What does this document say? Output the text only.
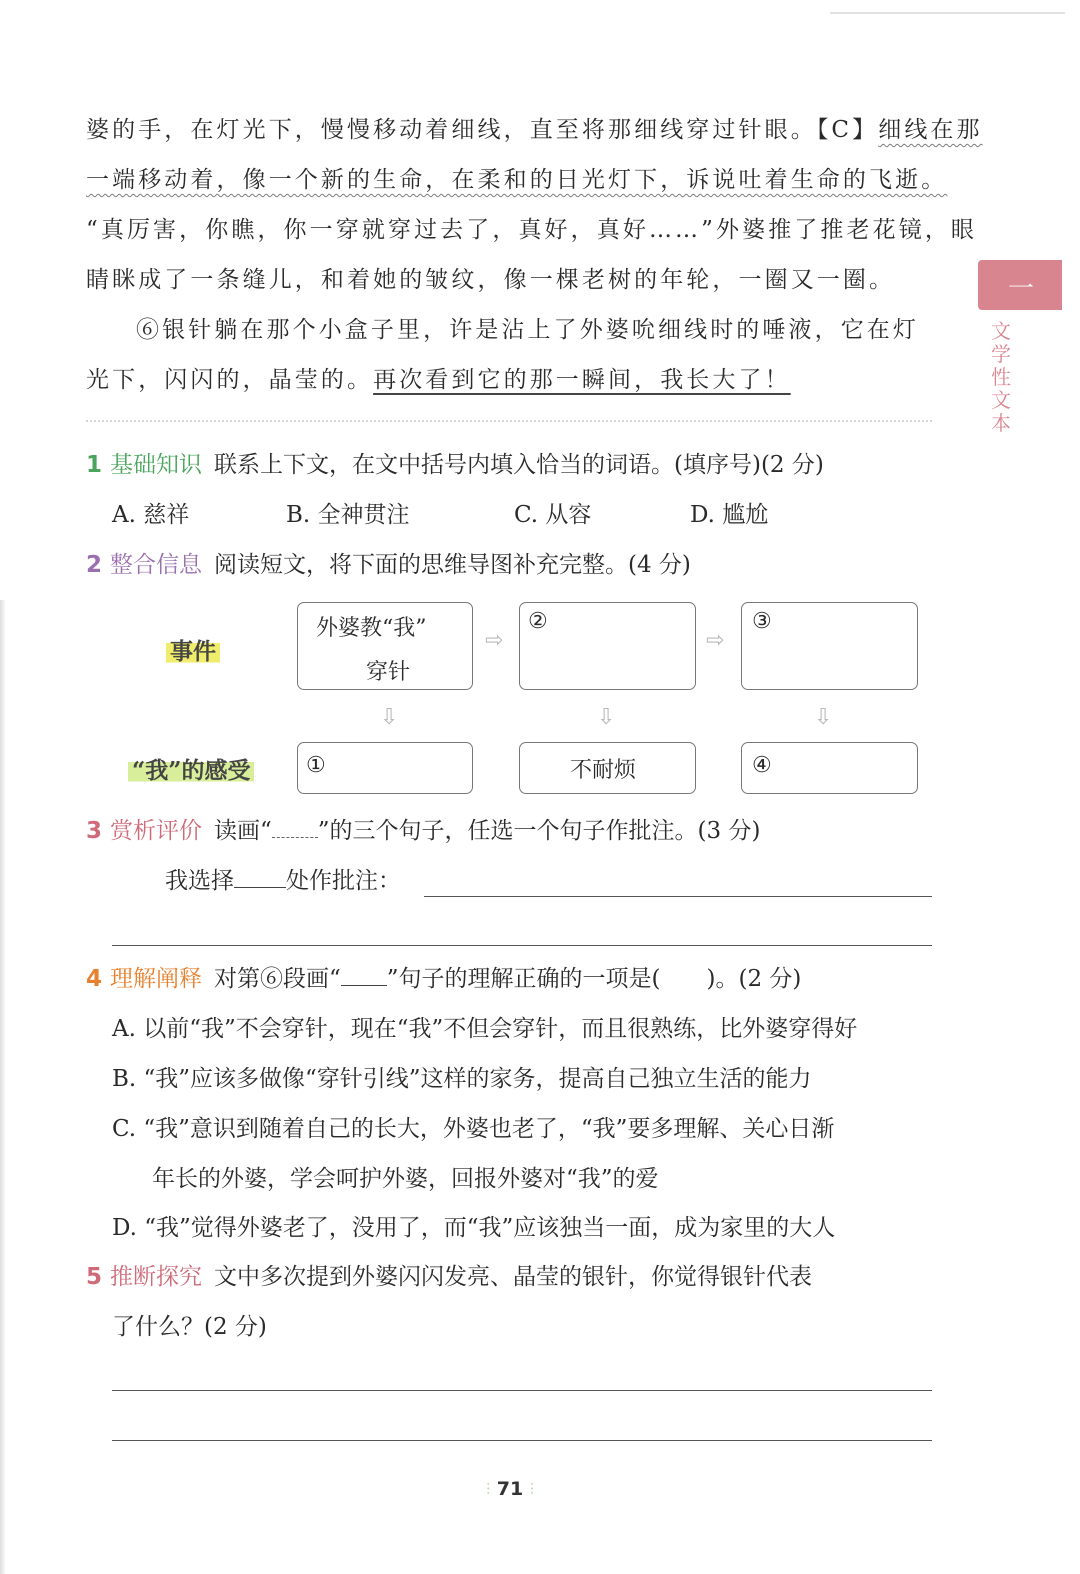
一
文学性文本
婆的手，在灯光下，慢慢移动着细线，直至将那细线穿过针眼。【C】细线在那
一端移动着，像一个新的生命，在柔和的日光灯下，诉说吐着生命的飞逝。
“真厉害，你瞧，你一穿就穿过去了，真好，真好……”外婆推了推老花镜，眼
睛眯成了一条缝儿，和着她的皱纹，像一棵老树的年轮，一圈又一圈。
⑥银针躺在那个小盒子里，许是沾上了外婆吮细线时的唾液，它在灯
光下，闪闪的，晶莹的。再次看到它的那一瞬间，我长大了！
1 基础知识 联系上下文，在文中括号内填入恰当的词语。(填序号)(2 分)
A. 慈祥	B. 全神贯注	C. 从容	D. 尴尬
2 整合信息 阅读短文，将下面的思维导图补充完整。(4 分)
事件
“我”的感受
外婆教“我”
穿针
⇨
②
⇨
③
⇩	⇩	⇩
①	不耐烦	④
3 赏析评价 读画“ ”的三个句子，任选一个句子作批注。(3 分)
我选择 处作批注：
4 理解阐释 对第⑥段画“ ”句子的理解正确的一项是(　　)。(2 分)
A. 以前“我”不会穿针，现在“我”不但会穿针，而且很熟练，比外婆穿得好
B. “我”应该多做像“穿针引线”这样的家务，提高自己独立生活的能力
C. “我”意识到随着自己的长大，外婆也老了，“我”要多理解、关心日渐
年长的外婆，学会呵护外婆，回报外婆对“我”的爱
D. “我”觉得外婆老了，没用了，而“我”应该独当一面，成为家里的大人
5 推断探究 文中多次提到外婆闪闪发亮、晶莹的银针，你觉得银针代表
了什么？(2 分)
⫶ 71 ⫶
